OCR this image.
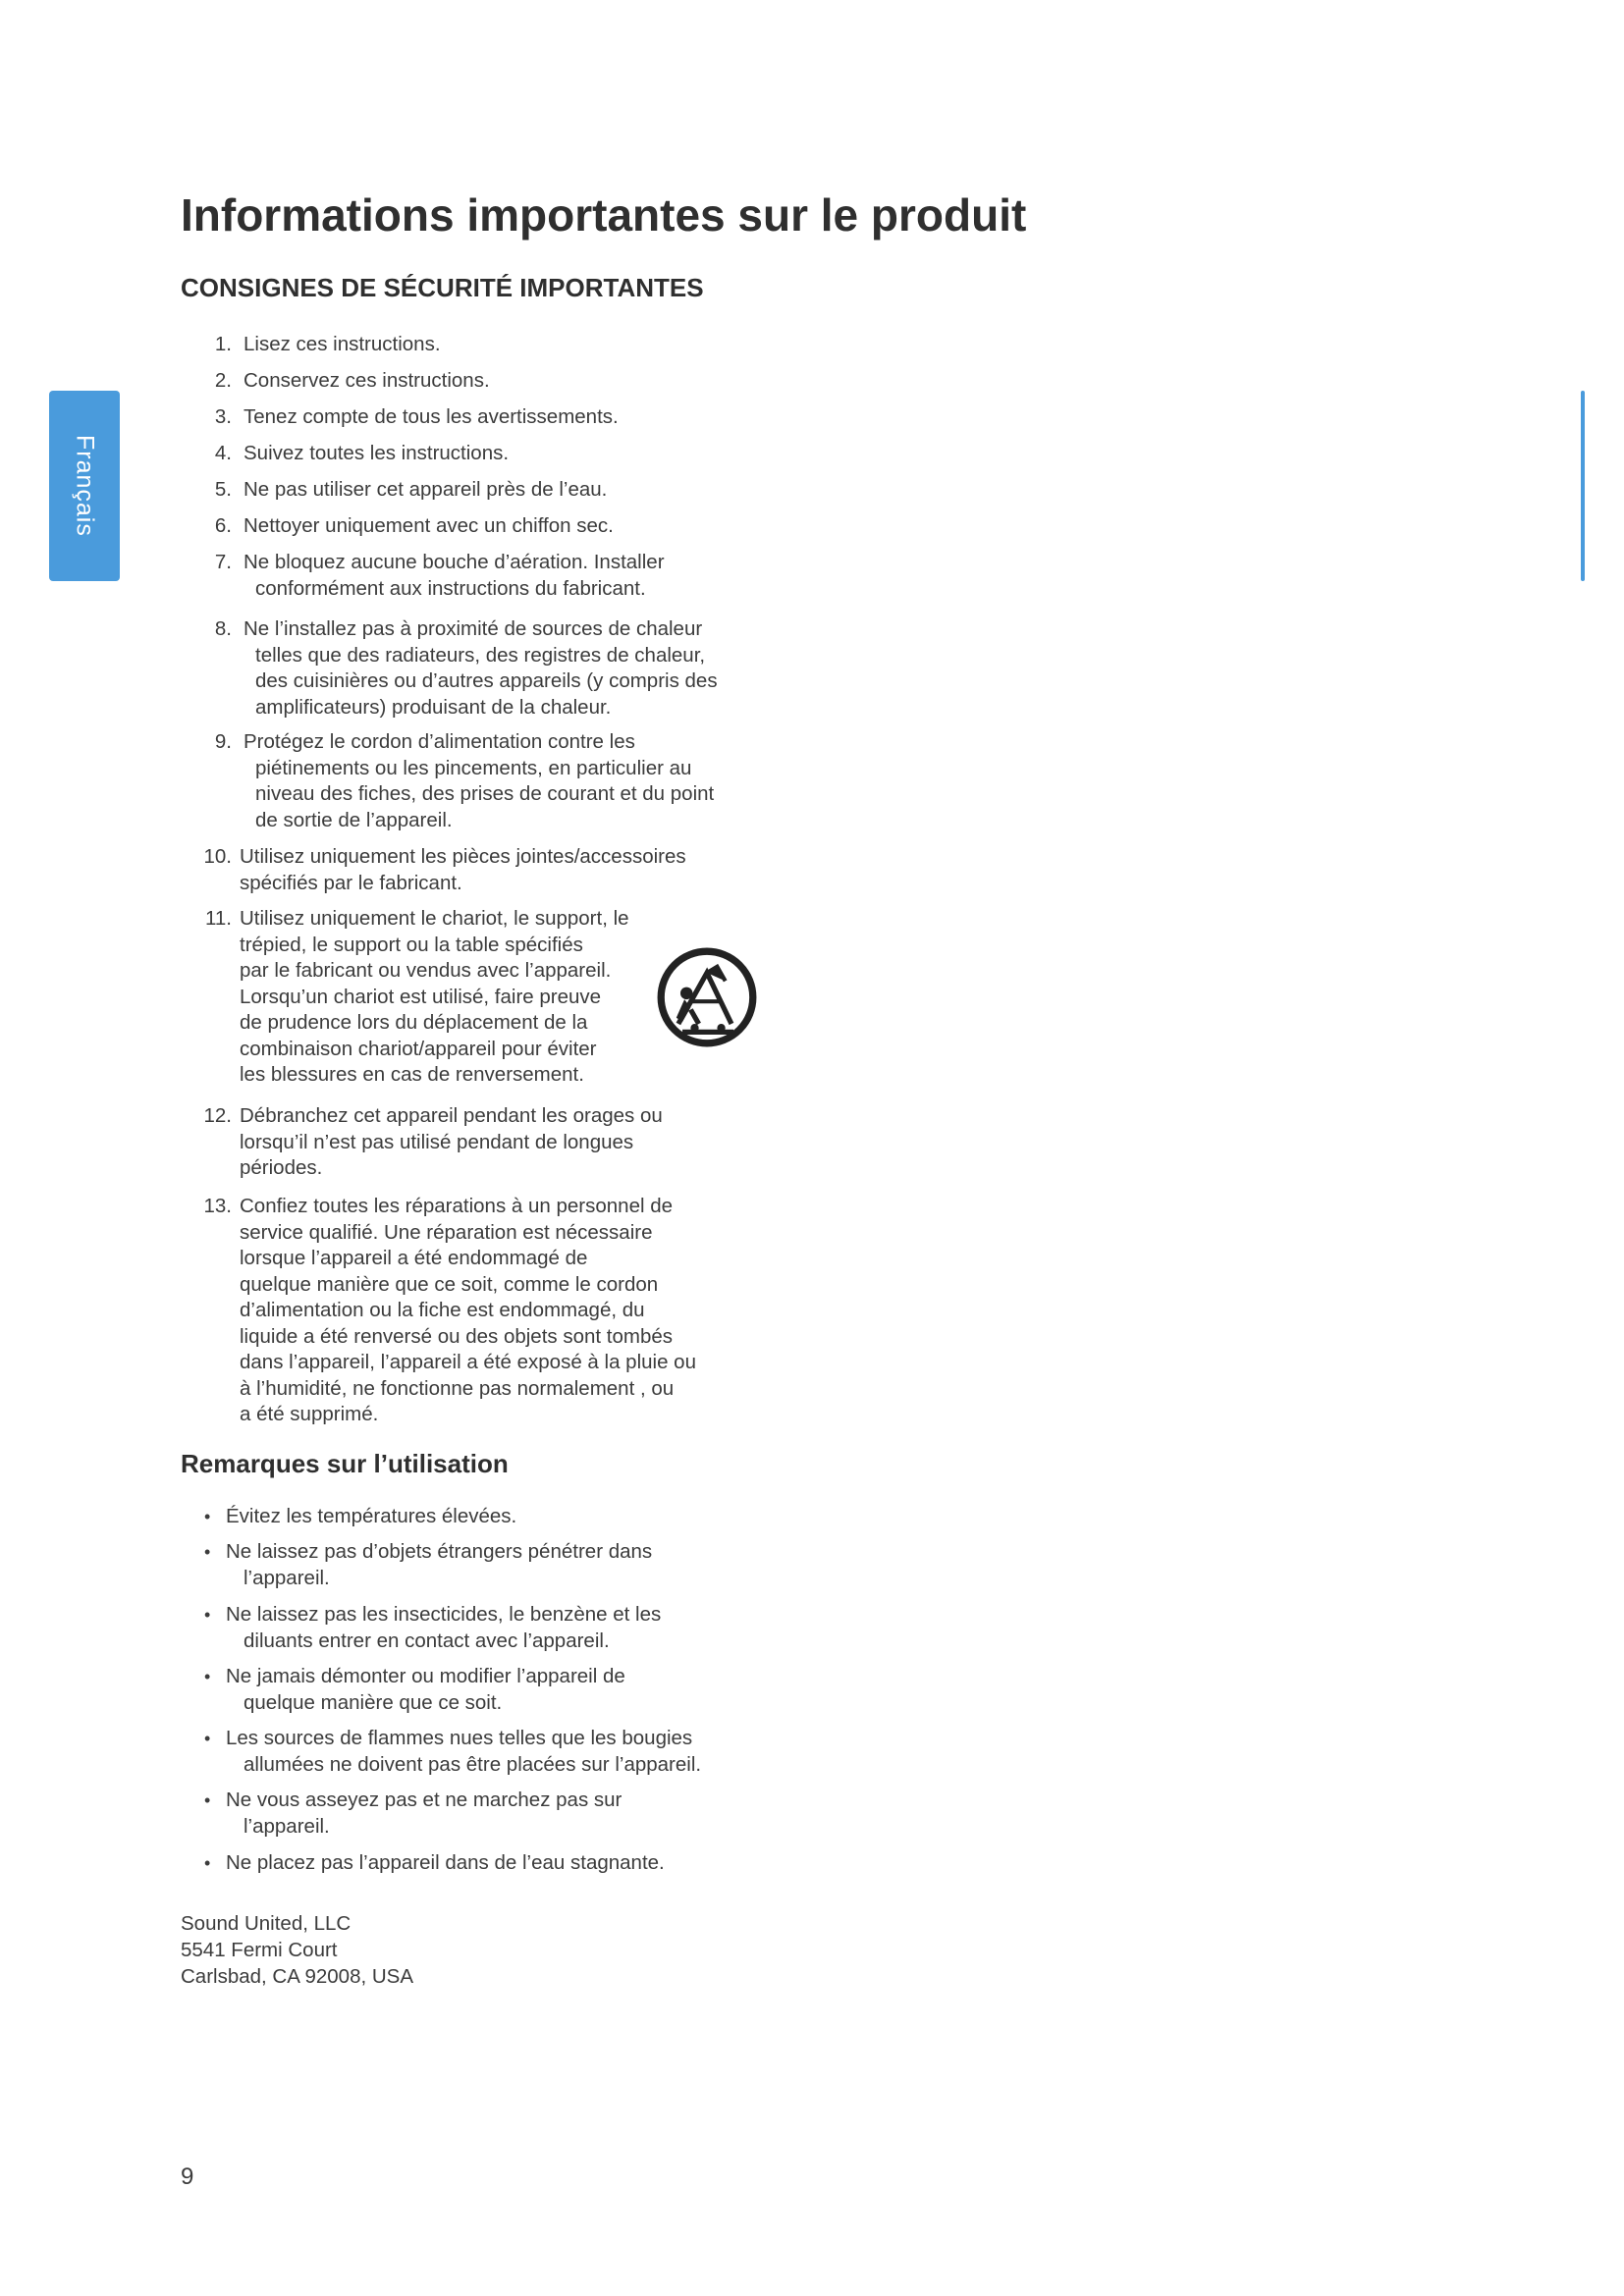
Français
Informations importantes sur le produit
CONSIGNES DE SÉCURITÉ IMPORTANTES
1. Lisez ces instructions.
2. Conservez ces instructions.
3. Tenez compte de tous les avertissements.
4. Suivez toutes les instructions.
5. Ne pas utiliser cet appareil près de l’eau.
6. Nettoyer uniquement avec un chiffon sec.
7. Ne bloquez aucune bouche d’aération. Installer
conformément aux instructions du fabricant.
8. Ne l’installez pas à proximité de sources de chaleur
telles que des radiateurs, des registres de chaleur,
des cuisinières ou d’autres appareils (y compris des
amplificateurs) produisant de la chaleur.
9. Protégez le cordon d’alimentation contre les
piétinements ou les pincements, en particulier au
niveau des fiches, des prises de courant et du point
de sortie de l’appareil.
10. Utilisez uniquement les pièces jointes/accessoires
spécifiés par le fabricant.
11. Utilisez uniquement le chariot, le support, le
trépied, le support ou la table spécifiés
par le fabricant ou vendus avec l’appareil.
Lorsqu’un chariot est utilisé, faire preuve
de prudence lors du déplacement de la
combinaison chariot/appareil pour éviter
les blessures en cas de renversement.
12. Débranchez cet appareil pendant les orages ou
lorsqu’il n’est pas utilisé pendant de longues
périodes.
13. Confiez toutes les réparations à un personnel de
service qualifié. Une réparation est nécessaire
lorsque l’appareil a été endommagé de
quelque manière que ce soit, comme le cordon
d’alimentation ou la fiche est endommagé, du
liquide a été renversé ou des objets sont tombés
dans l’appareil, l’appareil a été exposé à la pluie ou
à l’humidité, ne fonctionne pas normalement , ou
a été supprimé.
Remarques sur l’utilisation
• Évitez les températures élevées.
• Ne laissez pas d’objets étrangers pénétrer dans
l’appareil.
• Ne laissez pas les insecticides, le benzène et les
diluants entrer en contact avec l’appareil.
• Ne jamais démonter ou modifier l’appareil de
quelque manière que ce soit.
• Les sources de flammes nues telles que les bougies
allumées ne doivent pas être placées sur l’appareil.
• Ne vous asseyez pas et ne marchez pas sur
l’appareil.
• Ne placez pas l’appareil dans de l’eau stagnante.
Sound United, LLC
5541 Fermi Court
Carlsbad, CA 92008, USA
9
